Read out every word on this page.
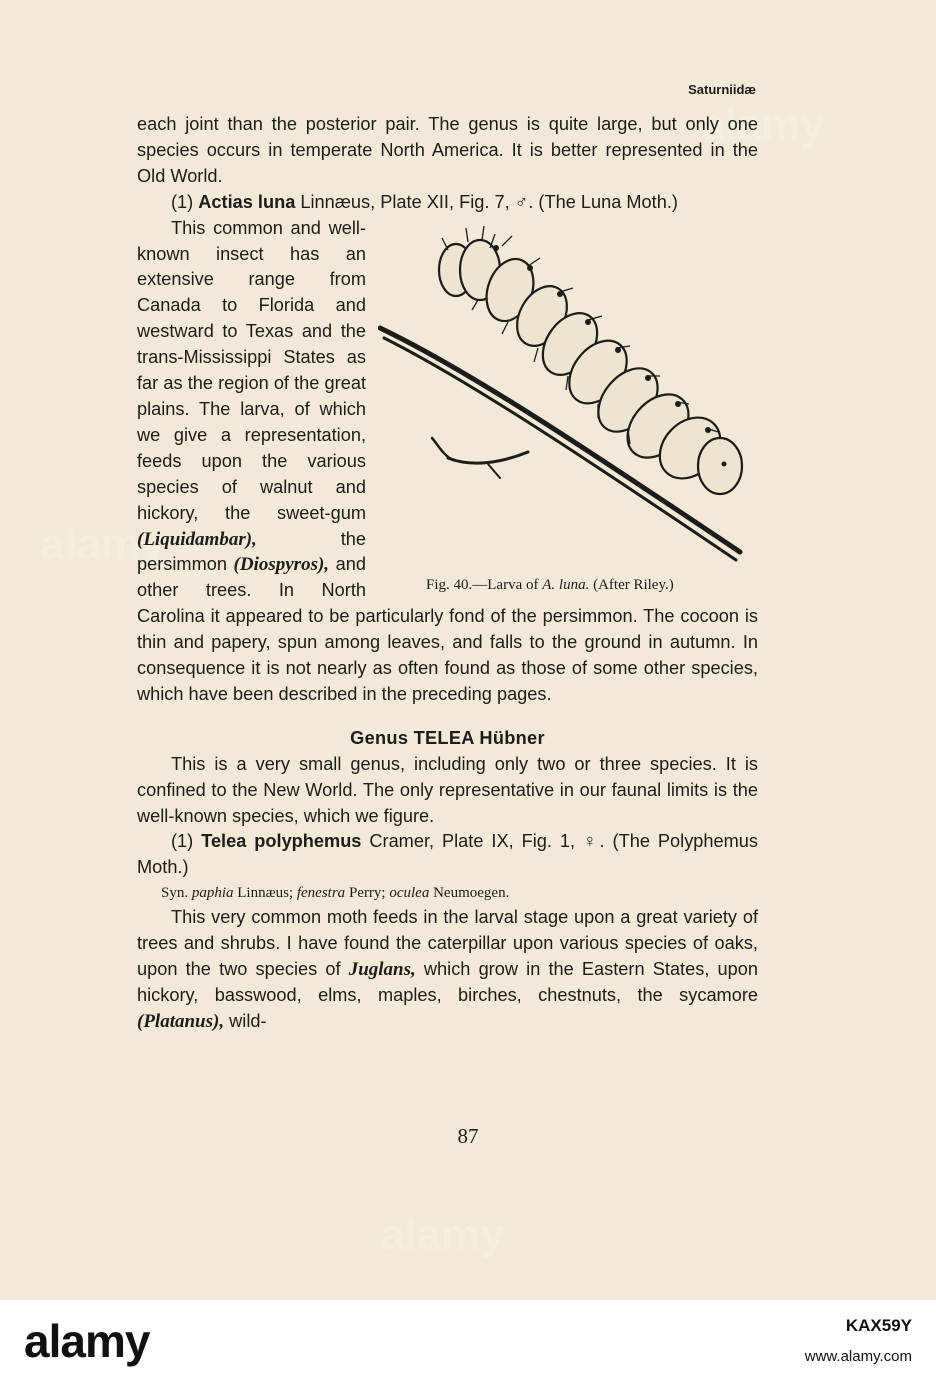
alamy
alamy
alamy
Saturniidæ

each joint than the posterior pair. The genus is quite large, but only one species occurs in temperate North America. It is better represented in the Old World.

(1) Actias luna Linnæus, Plate XII, Fig. 7, ♂. (The Luna Moth.)

Fig. 40.—Larva of A. luna. (After Riley.)
This common and well-known insect has an extensive range from Canada to Florida and westward to Texas and the trans-Mississippi States as far as the region of the great plains. The larva, of which we give a representation, feeds upon the various species of walnut and hickory, the sweet-gum (Liquidambar), the persimmon (Diospyros), and other trees. In North Carolina it appeared to be particularly fond of the persimmon. The cocoon is thin and papery, spun among leaves, and falls to the ground in autumn. In consequence it is not nearly as often found as those of some other species, which have been described in the preceding pages.

Genus TELEA Hübner

This is a very small genus, including only two or three species. It is confined to the New World. The only representative in our faunal limits is the well-known species, which we figure.

(1) Telea polyphemus Cramer, Plate IX, Fig. 1, ♀. (The Polyphemus Moth.)

Syn. paphia Linnæus; fenestra Perry; oculea Neumoegen.

This very common moth feeds in the larval stage upon a great variety of trees and shrubs. I have found the caterpillar upon various species of oaks, upon the two species of Juglans, which grow in the Eastern States, upon hickory, basswood, elms, maples, birches, chestnuts, the sycamore (Platanus), wild-

87
alamy	KAX59Y
www.alamy.com
